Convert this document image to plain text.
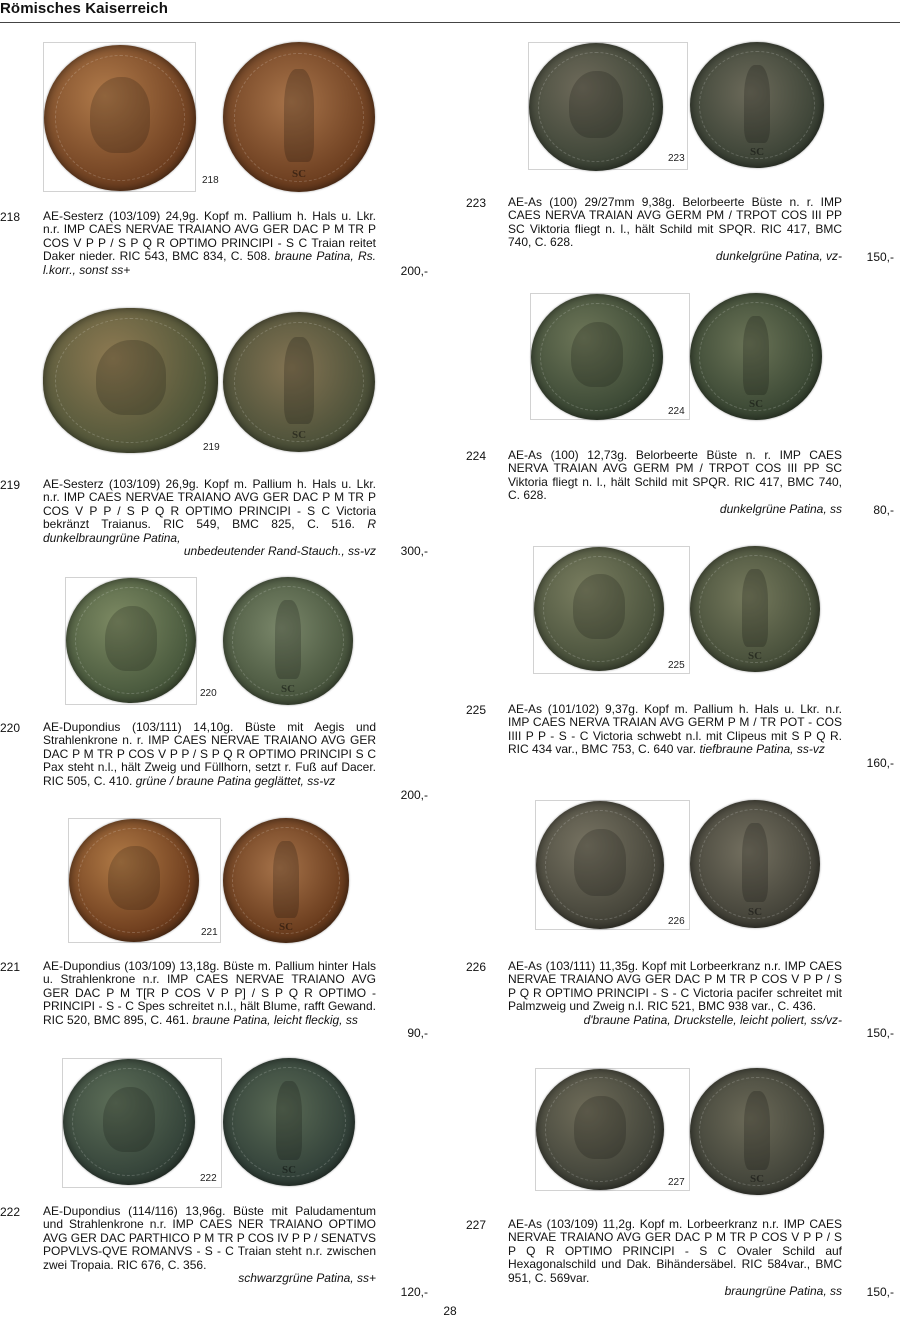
Römisches Kaiserreich
218
SC
218 AE-Sesterz (103/109) 24,9g. Kopf m. Pallium h. Hals u. Lkr. n.r. IMP CAES NERVAE TRAIANO AVG GER DAC P M TR P COS V P P / S P Q R OPTIMO PRINCIPI - S C Traian reitet Daker nieder. RIC 543, BMC 834, C. 508. braune Patina, Rs. l.korr., sonst ss+	200,-
219
SC
219 AE-Sesterz (103/109) 26,9g. Kopf m. Pallium h. Hals u. Lkr. n.r. IMP CAES NERVAE TRAIANO AVG GER DAC P M TR P COS V P P / S P Q R OPTIMO PRINCIPI - S C Victoria bekränzt Traianus. RIC 549, BMC 825, C. 516. R dunkelbraungrüne Patina,
unbedeutender Rand-Stauch., ss-vz	300,-
220	SC
220 AE-Dupondius (103/111) 14,10g. Büste mit Aegis und Strahlenkrone n. r. IMP CAES NERVAE TRAIANO AVG GER DAC P M TR P COS V P P / S P Q R OPTIMO PRINCIPI S C Pax steht n.l., hält Zweig und Füllhorn, setzt r. Fuß auf Dacer. RIC 505, C. 410. grüne / braune Patina geglättet, ss-vz
200,-
221	SC
221 AE-Dupondius (103/109) 13,18g. Büste m. Pallium hinter Hals u. Strahlenkrone n.r. IMP CAES NERVAE TRAIANO AVG GER DAC P M T[R P COS V P P] / S P Q R OPTIMO - PRINCIPI - S - C Spes schreitet n.l., hält Blume, rafft Gewand. RIC 520, BMC 895, C. 461. braune Patina, leicht fleckig, ss
90,-
222
SC
222 AE-Dupondius (114/116) 13,96g. Büste mit Paludamentum und Strahlenkrone n.r. IMP CAES NER TRAIANO OPTIMO AVG GER DAC PARTHICO P M TR P COS IV P P / SENATVS POPVLVS-QVE ROMANVS - S - C Traian steht n.r. zwischen zwei Tropaia. RIC 676, C. 356.
schwarzgrüne Patina, ss+
120,-
223
SC
223 AE-As (100) 29/27mm 9,38g. Belorbeerte Büste n. r. IMP CAES NERVA TRAIAN AVG GERM PM / TRPOT COS III PP SC Viktoria fliegt n. l., hält Schild mit SPQR. RIC 417, BMC 740, C. 628.
dunkelgrüne Patina, vz-	150,-
224
SC
224 AE-As (100) 12,73g. Belorbeerte Büste n. r. IMP CAES NERVA TRAIAN AVG GERM PM / TRPOT COS III PP SC Viktoria fliegt n. l., hält Schild mit SPQR. RIC 417, BMC 740, C. 628.
dunkelgrüne Patina, ss	80,-
225
SC
225 AE-As (101/102) 9,37g. Kopf m. Pallium h. Hals u. Lkr. n.r. IMP CAES NERVA TRAIAN AVG GERM P M / TR POT - COS IIII P P - S - C Victoria schwebt n.l. mit Clipeus mit S P Q R. RIC 434 var., BMC 753, C. 640 var. tiefbraune Patina, ss-vz
160,-
226
SC
226 AE-As (103/111) 11,35g. Kopf mit Lorbeerkranz n.r. IMP CAES NERVAE TRAIANO AVG GER DAC P M TR P COS V P P / S P Q R OPTIMO PRINCIPI - S - C Victoria pacifer schreitet mit Palmzweig und Zweig n.l. RIC 521, BMC 938 var., C. 436.
d'braune Patina, Druckstelle, leicht poliert, ss/vz-
150,-
227	SC
227 AE-As (103/109) 11,2g. Kopf m. Lorbeerkranz n.r. IMP CAES NERVAE TRAIANO AVG GER DAC P M TR P COS V P P / S P Q R OPTIMO PRINCIPI - S C Ovaler Schild auf Hexagonalschild und Dak. Bihändersäbel. RIC 584var., BMC 951, C. 569var.
braungrüne Patina, ss	150,-
28
